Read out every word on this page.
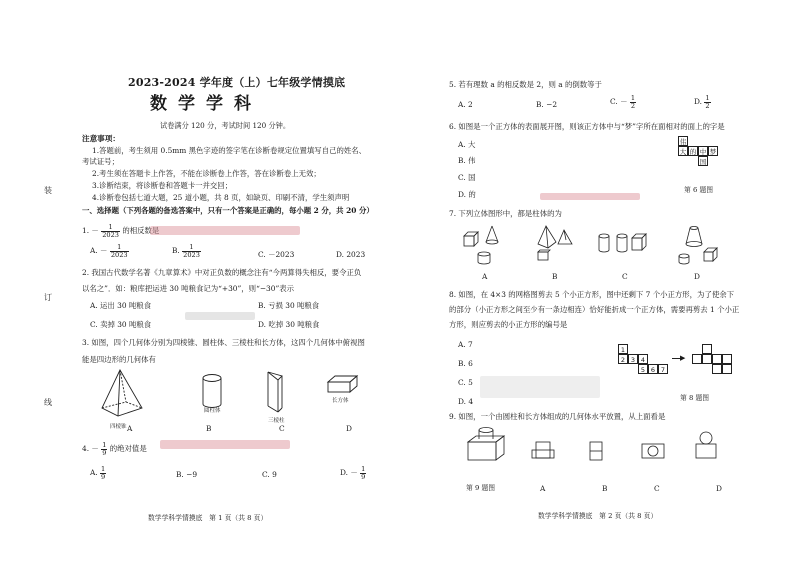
装
订
线
2023-2024 学年度（上）七年级学情摸底
数学学科
试卷满分 120 分，考试时间 120 分钟。
注意事项：
1.答题前，考生须用 0.5mm 黑色字迹的签字笔在诊断卷规定位置填写自己的姓名、
考试证号；
2.考生须在答题卡上作答，不能在诊断卷上作答，答在诊断卷上无效；
3.诊断结束，将诊断卷和答题卡一并交回；
4.诊断卷包括七道大题，25 道小题，共 8 页，如缺页、印刷不清，学生须声明
一、选择题（下列各题的备选答案中，只有一个答案是正确的，每小题 2 分，共 20 分）
1. － $\frac{1}{2023}$ 的相反数是
A. － $\frac{1}{2023}$	B. $\frac{1}{2023}$	C. －2023	D. 2023
2. 我国古代数学名著《九章算术》中对正负数的概念注有“今两算得失相反，要令正负
以名之”．如：粮库把运进 30 吨粮食记为“+30”，则“−30”表示
A. 运出 30 吨粮食	B. 亏损 30 吨粮食
C. 卖掉 30 吨粮食	D. 吃掉 30 吨粮食
3. 如图，四个几何体分别为四棱锥、圆柱体、三棱柱和长方体，这四个几何体中俯视图
能是四边形的几何体有
四棱锥
圆柱体
三棱柱
长方体
A	B	C	D
4. － $\frac{1}{9}$ 的绝对值是
A. $\frac{1}{9}$	B. −9	C. 9	D. － $\frac{1}{9}$
数学学科学情摸底　第 1 页（共 8 页）
5. 若有理数 a 的相反数是 2，则 a 的倒数等于
A. 2	B. −2	C. － $\frac{1}{2}$	D. $\frac{1}{2}$
6. 如图是一个正方体的表面展开图，则该正方体中与“梦”字所在面相对的面上的字是
A. 大
B. 伟
C. 国
D. 的
伟
大 的 中 梦
国
第 6 题图
7. 下列立体图形中，都是柱体的为
A	B	C	D
8. 如图，在 4×3 的网格图剪去 5 个小正方形，图中还剩下 7 个小正方形，为了使余下
的部分（小正方形之间至少有一条边相连）恰好能折成一个正方体，需要再剪去 1 个小正
方形，则应剪去的小正方形的编号是
A. 7
B. 6
C. 5
D. 4
1
2 3 4
5 6 7
▶
第 8 题图
9. 如图，一个由圆柱和长方体组成的几何体水平放置，从上面看是
第 9 题图	A	B	C	D
数学学科学情摸底　第 2 页（共 8 页）
